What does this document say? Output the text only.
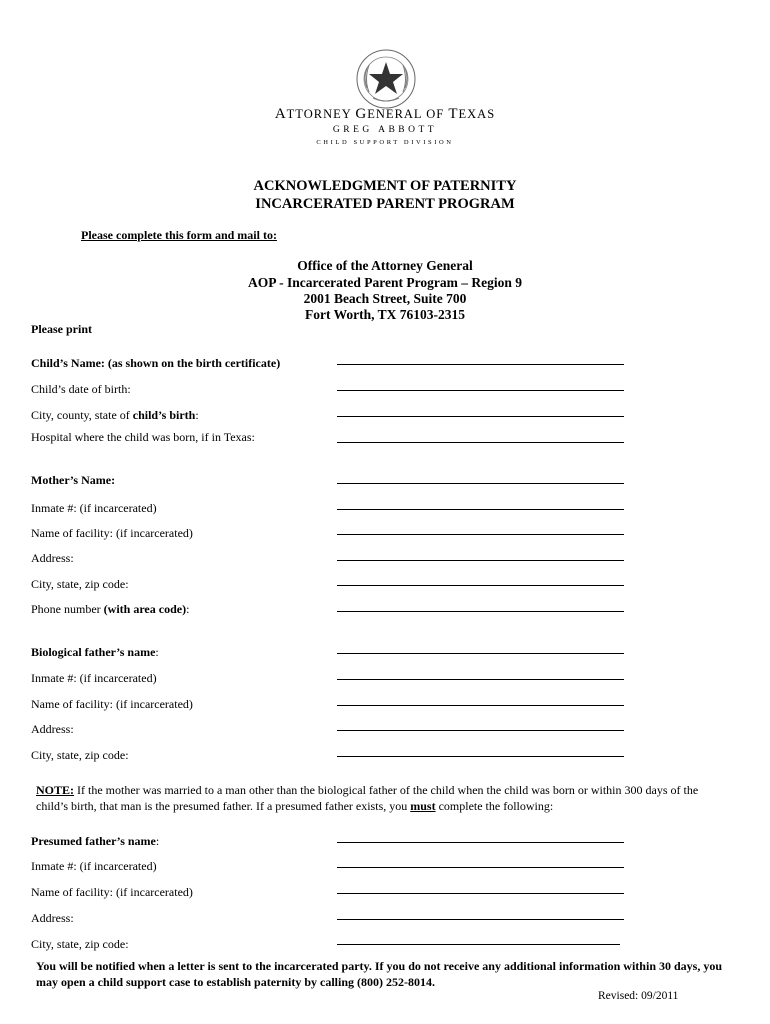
ATTORNEY GENERAL OF TEXAS
GREG ABBOTT
CHILD SUPPORT DIVISION
ACKNOWLEDGMENT OF PATERNITY
INCARCERATED PARENT PROGRAM
Please complete this form and mail to:
Office of the Attorney General
AOP - Incarcerated Parent Program – Region 9
2001 Beach Street, Suite 700
Fort Worth, TX 76103-2315
Please print
Child’s Name: (as shown on the birth certificate)
Child’s date of birth:
City, county, state of child’s birth:
Hospital where the child was born, if in Texas:
Mother’s Name:
Inmate #: (if incarcerated)
Name of facility: (if incarcerated)
Address:
City, state, zip code:
Phone number (with area code):
Biological father’s name:
Inmate #: (if incarcerated)
Name of facility: (if incarcerated)
Address:
City, state, zip code:
NOTE: If the mother was married to a man other than the biological father of the child when the child was born or within 300 days of the child’s birth, that man is the presumed father. If a presumed father exists, you must complete the following:
Presumed father’s name:
Inmate #: (if incarcerated)
Name of facility: (if incarcerated)
Address:
City, state, zip code:
You will be notified when a letter is sent to the incarcerated party. If you do not receive any additional information within 30 days, you may open a child support case to establish paternity by calling (800) 252-8014.
Revised: 09/2011
